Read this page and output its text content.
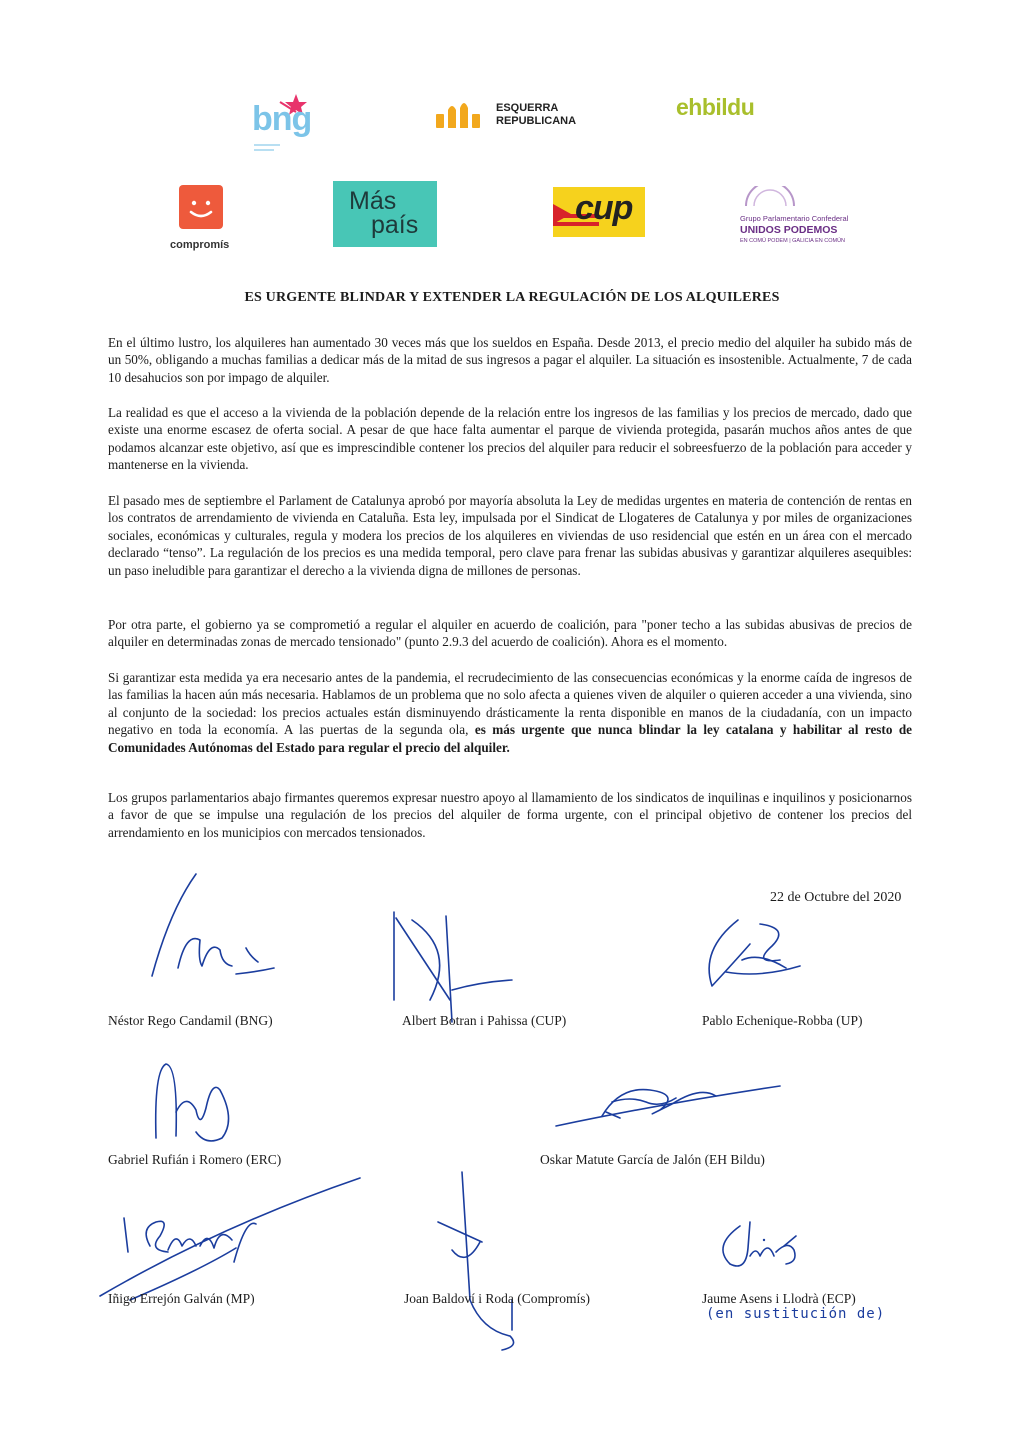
bng	ESQUERRA
REPUBLICANA
ehbildu
compromís
Más
país	cup	Grupo Parlamentario Confederal
UNIDOS PODEMOS
EN COMÚ PODEM | GALICIA EN COMÚN
ES URGENTE BLINDAR Y EXTENDER LA REGULACIÓN DE LOS ALQUILERES

En el último lustro, los alquileres han aumentado 30 veces más que los sueldos en España. Desde 2013, el precio medio del alquiler ha subido más de un 50%, obligando a muchas familias a dedicar más de la mitad de sus ingresos a pagar el alquiler. La situación es insostenible. Actualmente, 7 de cada 10 desahucios son por impago de alquiler.

La realidad es que el acceso a la vivienda de la población depende de la relación entre los ingresos de las familias y los precios de mercado, dado que existe una enorme escasez de oferta social. A pesar de que hace falta aumentar el parque de vivienda protegida, pasarán muchos años antes de que podamos alcanzar este objetivo, así que es imprescindible contener los precios del alquiler para reducir el sobreesfuerzo de la población para acceder y mantenerse en la vivienda.

El pasado mes de septiembre el Parlament de Catalunya aprobó por mayoría absoluta la Ley de medidas urgentes en materia de contención de rentas en los contratos de arrendamiento de vivienda en Cataluña. Esta ley, impulsada por el Sindicat de Llogateres de Catalunya y por miles de organizaciones sociales, económicas y culturales, regula y modera los precios de los alquileres en viviendas de uso residencial que estén en un área con el mercado declarado “tenso”. La regulación de los precios es una medida temporal, pero clave para frenar las subidas abusivas y garantizar alquileres asequibles: un paso ineludible para garantizar el derecho a la vivienda digna de millones de personas.

Por otra parte, el gobierno ya se comprometió a regular el alquiler en acuerdo de coalición, para "poner techo a las subidas abusivas de precios de alquiler en determinadas zonas de mercado tensionado" (punto 2.9.3 del acuerdo de coalición). Ahora es el momento.

Si garantizar esta medida ya era necesario antes de la pandemia, el recrudecimiento de las consecuencias económicas y la enorme caída de ingresos de las familias la hacen aún más necesaria. Hablamos de un problema que no solo afecta a quienes viven de alquiler o quieren acceder a una vivienda, sino al conjunto de la sociedad: los precios actuales están disminuyendo drásticamente la renta disponible en manos de la ciudadanía, con un impacto negativo en toda la economía. A las puertas de la segunda ola, es más urgente que nunca blindar la ley catalana y habilitar al resto de Comunidades Autónomas del Estado para regular el precio del alquiler.

Los grupos parlamentarios abajo firmantes queremos expresar nuestro apoyo al llamamiento de los sindicatos de inquilinas e inquilinos y posicionarnos a favor de que se impulse una regulación de los precios del alquiler de forma urgente, con el principal objetivo de contener los precios del arrendamiento en los municipios con mercados tensionados.

22 de Octubre del 2020
Néstor Rego Candamil (BNG)	Albert Botran i Pahissa (CUP)	Pablo Echenique-Robba (UP)
Gabriel Rufián i Romero (ERC)	Oskar Matute García de Jalón (EH Bildu)
Iñigo Errejón Galván (MP)	Joan Baldoví i Roda (Compromís)	Jaume Asens i Llodrà (ECP)
(en sustitución de)
